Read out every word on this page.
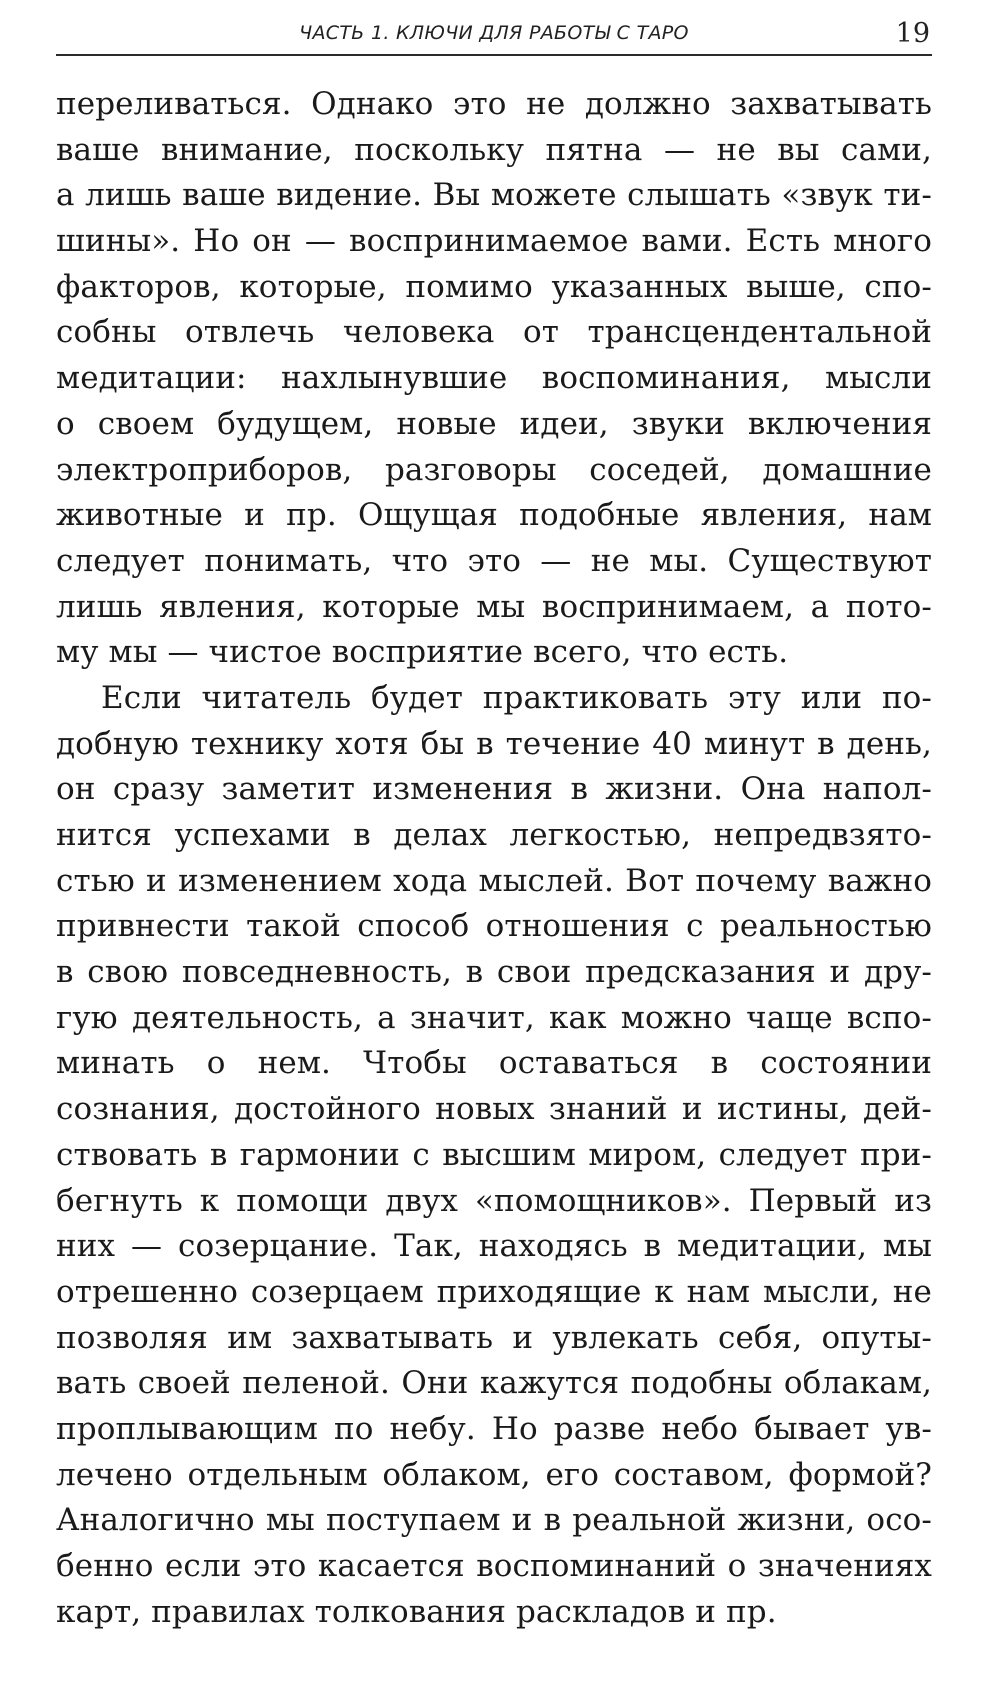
ЧАСТЬ 1. КЛЮЧИ ДЛЯ РАБОТЫ С ТАРО	19
переливаться. Однако это не должно захватывать
ваше внимание, поскольку пятна — не вы сами,
а лишь ваше видение. Вы можете слышать «звук ти-
шины». Но он — воспринимаемое вами. Есть много
факторов, которые, помимо указанных выше, спо-
собны отвлечь человека от трансцендентальной
медитации: нахлынувшие воспоминания, мысли
о своем будущем, новые идеи, звуки включения
электроприборов, разговоры соседей, домашние
животные и пр. Ощущая подобные явления, нам
следует понимать, что это — не мы. Существуют
лишь явления, которые мы воспринимаем, а пото-
му мы — чистое восприятие всего, что есть.
Если читатель будет практиковать эту или по-
добную технику хотя бы в течение 40 минут в день,
он сразу заметит изменения в жизни. Она напол-
нится успехами в делах легкостью, непредвзято-
стью и изменением хода мыслей. Вот почему важно
привнести такой способ отношения с реальностью
в свою повседневность, в свои предсказания и дру-
гую деятельность, а значит, как можно чаще вспо-
минать о нем. Чтобы оставаться в состоянии
сознания, достойного новых знаний и истины, дей-
ствовать в гармонии с высшим миром, следует при-
бегнуть к помощи двух «помощников». Первый из
них — созерцание. Так, находясь в медитации, мы
отрешенно созерцаем приходящие к нам мысли, не
позволяя им захватывать и увлекать себя, опуты-
вать своей пеленой. Они кажутся подобны облакам,
проплывающим по небу. Но разве небо бывает ув-
лечено отдельным облаком, его составом, формой?
Аналогично мы поступаем и в реальной жизни, осо-
бенно если это касается воспоминаний о значениях
карт, правилах толкования раскладов и пр.
